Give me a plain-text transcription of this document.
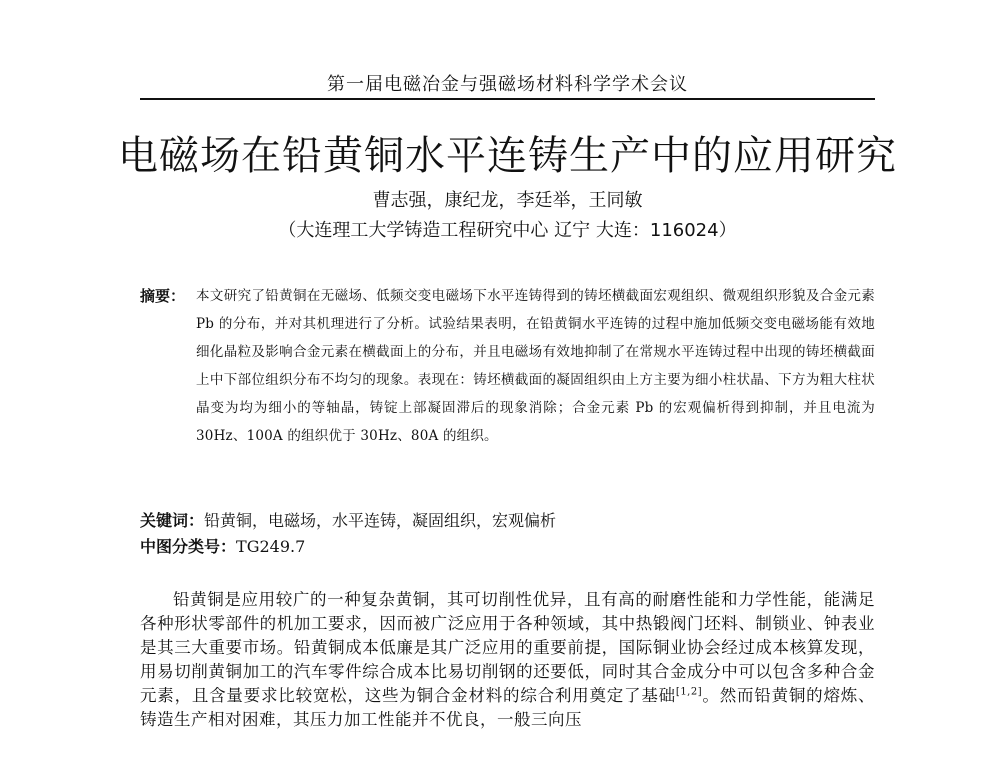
第一届电磁冶金与强磁场材料科学学术会议
电磁场在铅黄铜水平连铸生产中的应用研究
曹志强，康纪龙，李廷举，王同敏
（大连理工大学铸造工程研究中心 辽宁 大连：116024）
摘要： 本文研究了铅黄铜在无磁场、低频交变电磁场下水平连铸得到的铸坯横截面宏观组织、微观组织形貌及合金元素 Pb 的分布，并对其机理进行了分析。试验结果表明，在铅黄铜水平连铸的过程中施加低频交变电磁场能有效地细化晶粒及影响合金元素在横截面上的分布，并且电磁场有效地抑制了在常规水平连铸过程中出现的铸坯横截面上中下部位组织分布不均匀的现象。表现在：铸坯横截面的凝固组织由上方主要为细小柱状晶、下方为粗大柱状晶变为均为细小的等轴晶，铸锭上部凝固滞后的现象消除；合金元素 Pb 的宏观偏析得到抑制，并且电流为 30Hz、100A 的组织优于 30Hz、80A 的组织。
关键词：铅黄铜，电磁场，水平连铸，凝固组织，宏观偏析
中图分类号：TG249.7
铅黄铜是应用较广的一种复杂黄铜，其可切削性优异，且有高的耐磨性能和力学性能，能满足各种形状零部件的机加工要求，因而被广泛应用于各种领域，其中热锻阀门坯料、制锁业、钟表业是其三大重要市场。铅黄铜成本低廉是其广泛应用的重要前提，国际铜业协会经过成本核算发现，用易切削黄铜加工的汽车零件综合成本比易切削钢的还要低，同时其合金成分中可以包含多种合金元素，且含量要求比较宽松，这些为铜合金材料的综合利用奠定了基础[1,2]。然而铅黄铜的熔炼、铸造生产相对困难，其压力加工性能并不优良，一般三向压
